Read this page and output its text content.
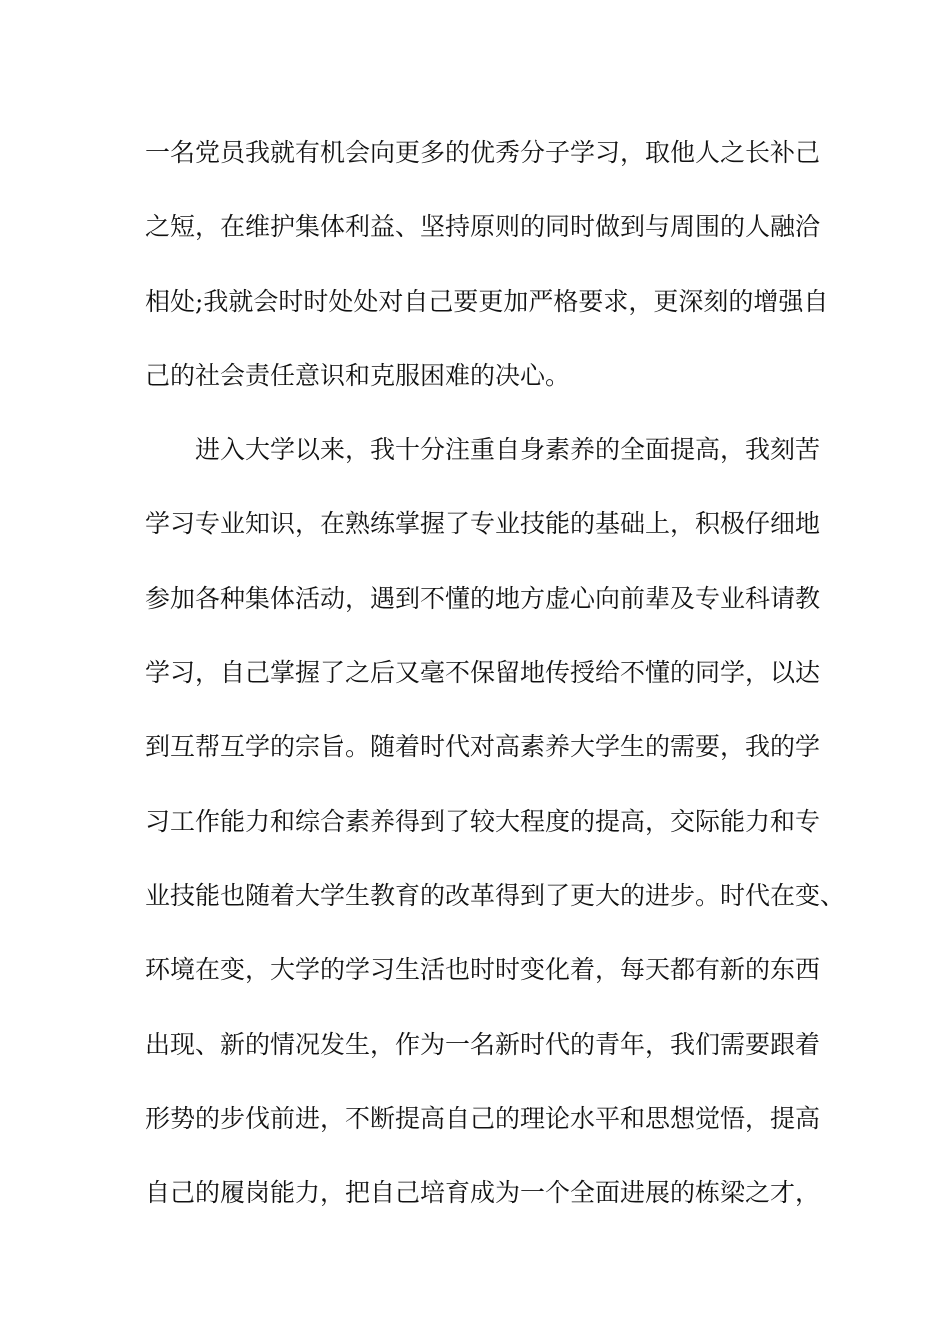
一名党员我就有机会向更多的优秀分子学习，取他人之长补己
之短，在维护集体利益、坚持原则的同时做到与周围的人融洽
相处;我就会时时处处对自己要更加严格要求，更深刻的增强自
己的社会责任意识和克服困难的决心。
进入大学以来，我十分注重自身素养的全面提高，我刻苦
学习专业知识，在熟练掌握了专业技能的基础上，积极仔细地
参加各种集体活动，遇到不懂的地方虚心向前辈及专业科请教
学习，自己掌握了之后又毫不保留地传授给不懂的同学，以达
到互帮互学的宗旨。随着时代对高素养大学生的需要，我的学
习工作能力和综合素养得到了较大程度的提高，交际能力和专
业技能也随着大学生教育的改革得到了更大的进步。时代在变、
环境在变，大学的学习生活也时时变化着，每天都有新的东西
出现、新的情况发生，作为一名新时代的青年，我们需要跟着
形势的步伐前进，不断提高自己的理论水平和思想觉悟，提高
自己的履岗能力，把自己培育成为一个全面进展的栋梁之才，
